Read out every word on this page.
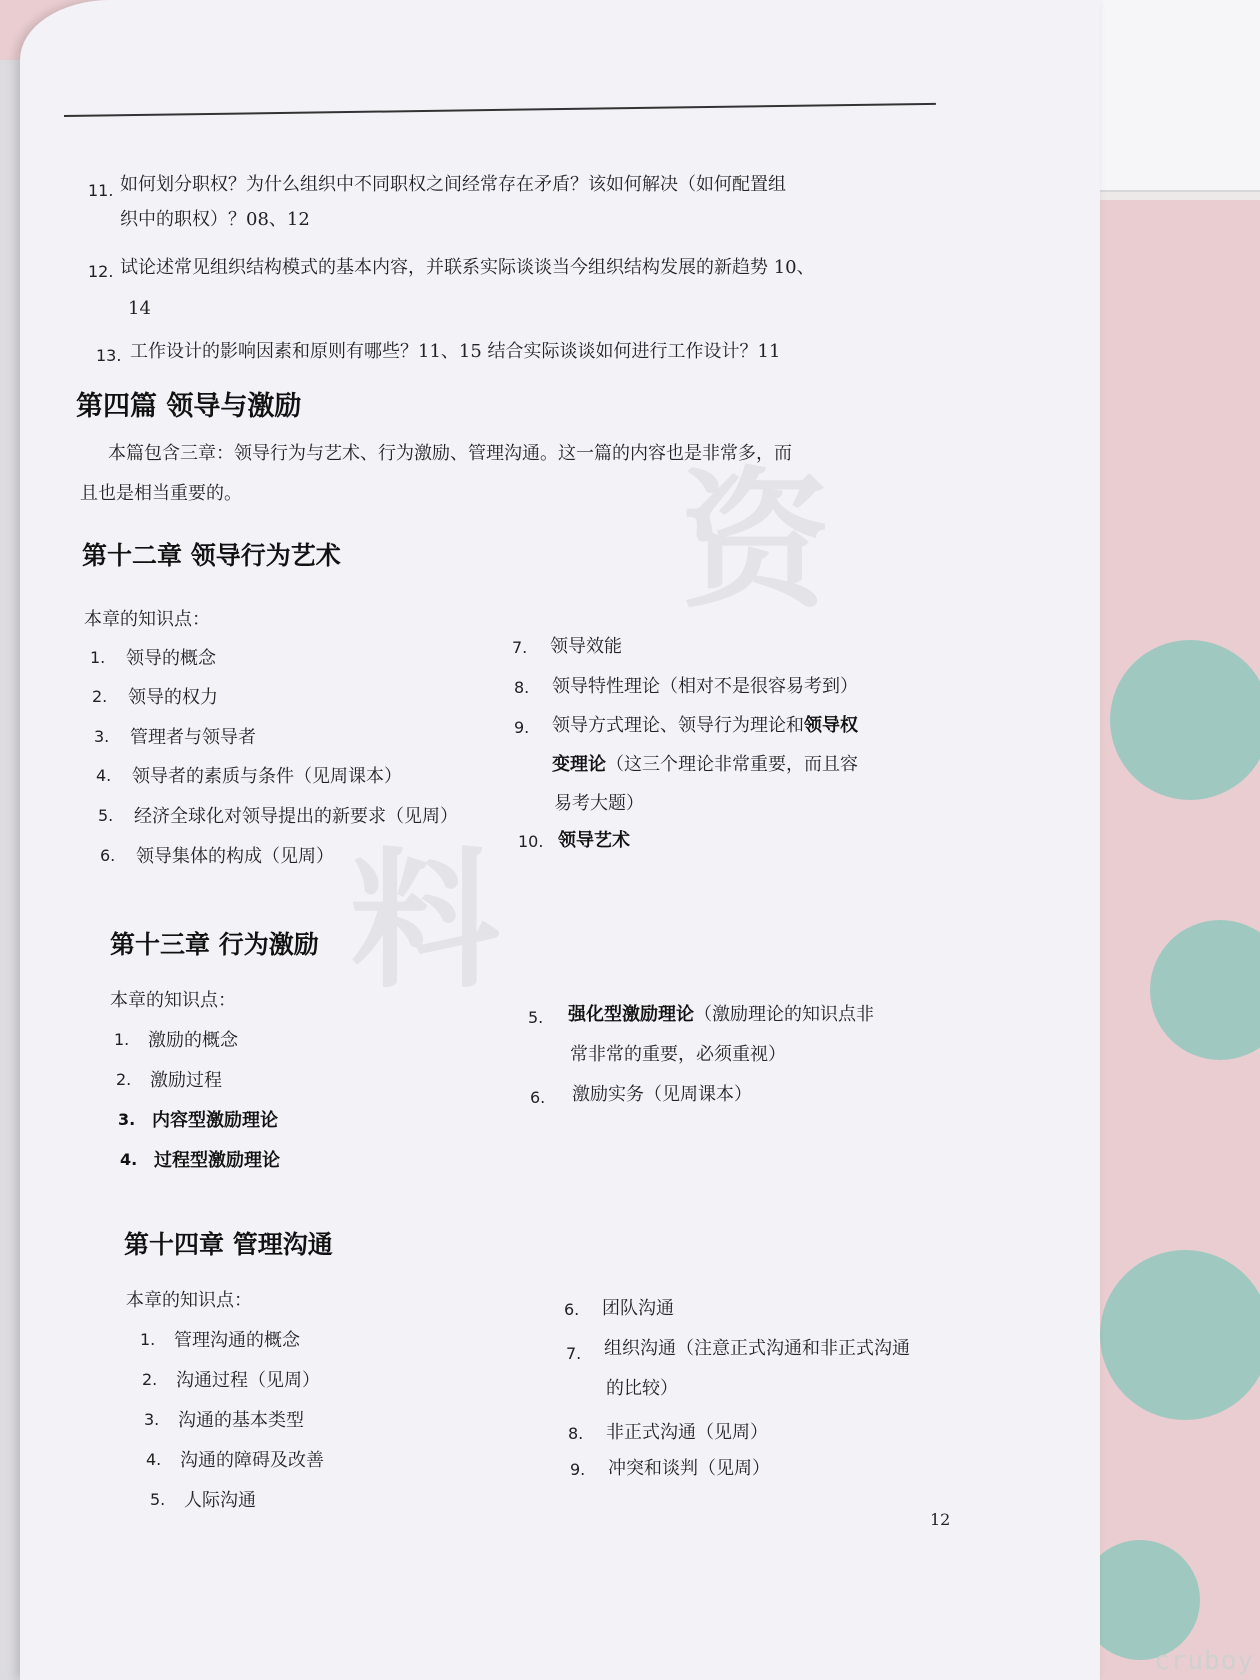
资
料
11. 如何划分职权？为什么组织中不同职权之间经常存在矛盾？该如何解决（如何配置组
织中的职权）？08、12
12. 试论述常见组织结构模式的基本内容，并联系实际谈谈当今组织结构发展的新趋势 10、
14
13. 工作设计的影响因素和原则有哪些？11、15 结合实际谈谈如何进行工作设计？11
第四篇 领导与激励
本篇包含三章：领导行为与艺术、行为激励、管理沟通。这一篇的内容也是非常多，而
且也是相当重要的。
第十二章 领导行为艺术
本章的知识点：
1. 领导的概念
2. 领导的权力
3. 管理者与领导者
4. 领导者的素质与条件（见周课本）
5. 经济全球化对领导提出的新要求（见周）
6. 领导集体的构成（见周）
7. 领导效能
8. 领导特性理论（相对不是很容易考到）
9. 领导方式理论、领导行为理论和领导权
变理论（这三个理论非常重要，而且容
易考大题）
10. 领导艺术
第十三章 行为激励
本章的知识点：
1. 激励的概念
2. 激励过程
3. 内容型激励理论
4. 过程型激励理论
5. 强化型激励理论（激励理论的知识点非
常非常的重要，必须重视）
6. 激励实务（见周课本）
第十四章 管理沟通
本章的知识点：
1. 管理沟通的概念
2. 沟通过程（见周）
3. 沟通的基本类型
4. 沟通的障碍及改善
5. 人际沟通
6. 团队沟通
7. 组织沟通（注意正式沟通和非正式沟通
的比较）
8. 非正式沟通（见周）
9. 冲突和谈判（见周）
12
cruboy
